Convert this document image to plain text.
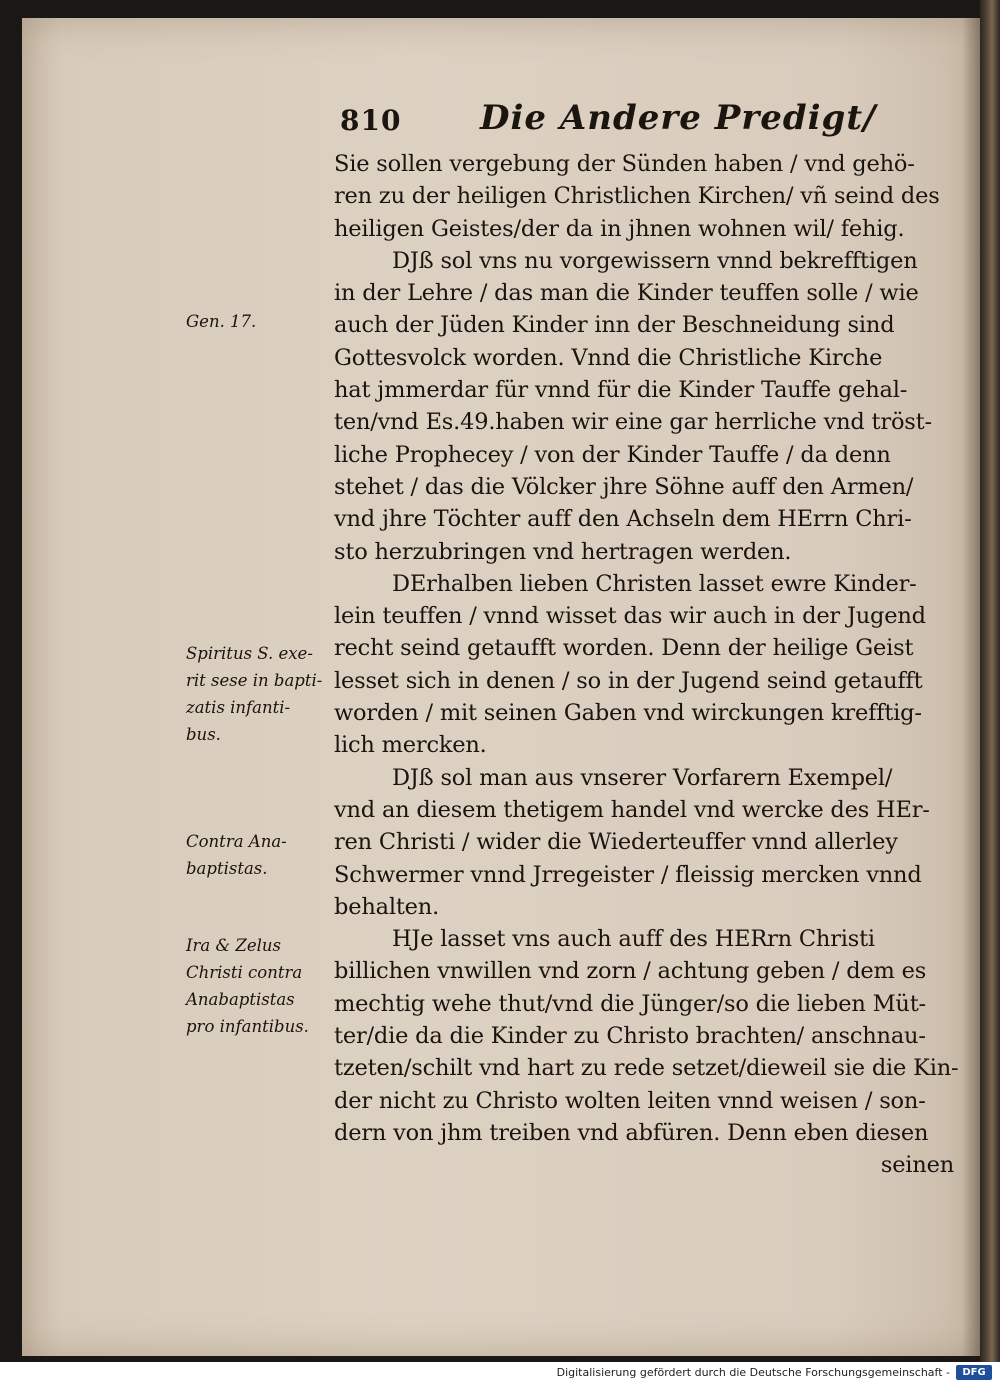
810 Die Andere Predigt/
Sie sollen vergebung der Sünden haben / vnd gehö-
ren zu der heiligen Christlichen Kirchen/ vñ seind des
heiligen Geistes/der da in jhnen wohnen wil/ fehig.
DJß sol vns nu vorgewissern vnnd bekrefftigen
in der Lehre / das man die Kinder teuffen solle / wie
auch der Jüden Kinder inn der Beschneidung sind
Gottesvolck worden. Vnnd die Christliche Kirche
hat jmmerdar für vnnd für die Kinder Tauffe gehal-
ten/vnd Es.49.haben wir eine gar herrliche vnd tröst-
liche Prophecey / von der Kinder Tauffe / da denn
stehet / das die Völcker jhre Söhne auff den Armen/
vnd jhre Töchter auff den Achseln dem HErrn Chri-
sto herzubringen vnd hertragen werden.
DErhalben lieben Christen lasset ewre Kinder-
lein teuffen / vnnd wisset das wir auch in der Jugend
recht seind getaufft worden. Denn der heilige Geist
lesset sich in denen / so in der Jugend seind getaufft
worden / mit seinen Gaben vnd wirckungen krefftig-
lich mercken.
DJß sol man aus vnserer Vorfarern Exempel/
vnd an diesem thetigem handel vnd wercke des HEr-
ren Christi / wider die Wiederteuffer vnnd allerley
Schwermer vnnd Jrregeister / fleissig mercken vnnd
behalten.
HJe lasset vns auch auff des HERrn Christi
billichen vnwillen vnd zorn / achtung geben / dem es
mechtig wehe thut/vnd die Jünger/so die lieben Müt-
ter/die da die Kinder zu Christo brachten/ anschnau-
tzeten/schilt vnd hart zu rede setzet/dieweil sie die Kin-
der nicht zu Christo wolten leiten vnnd weisen / son-
dern von jhm treiben vnd abfüren. Denn eben diesen
seinen
Gen. 17.
Spiritus S. exe-
rit sese in bapti-
zatis infanti-
bus.
Contra Ana-
baptistas.
Ira & Zelus
Christi contra
Anabaptistas
pro infantibus.
Digitalisierung gefördert durch die Deutsche Forschungsgemeinschaft -	DFG
